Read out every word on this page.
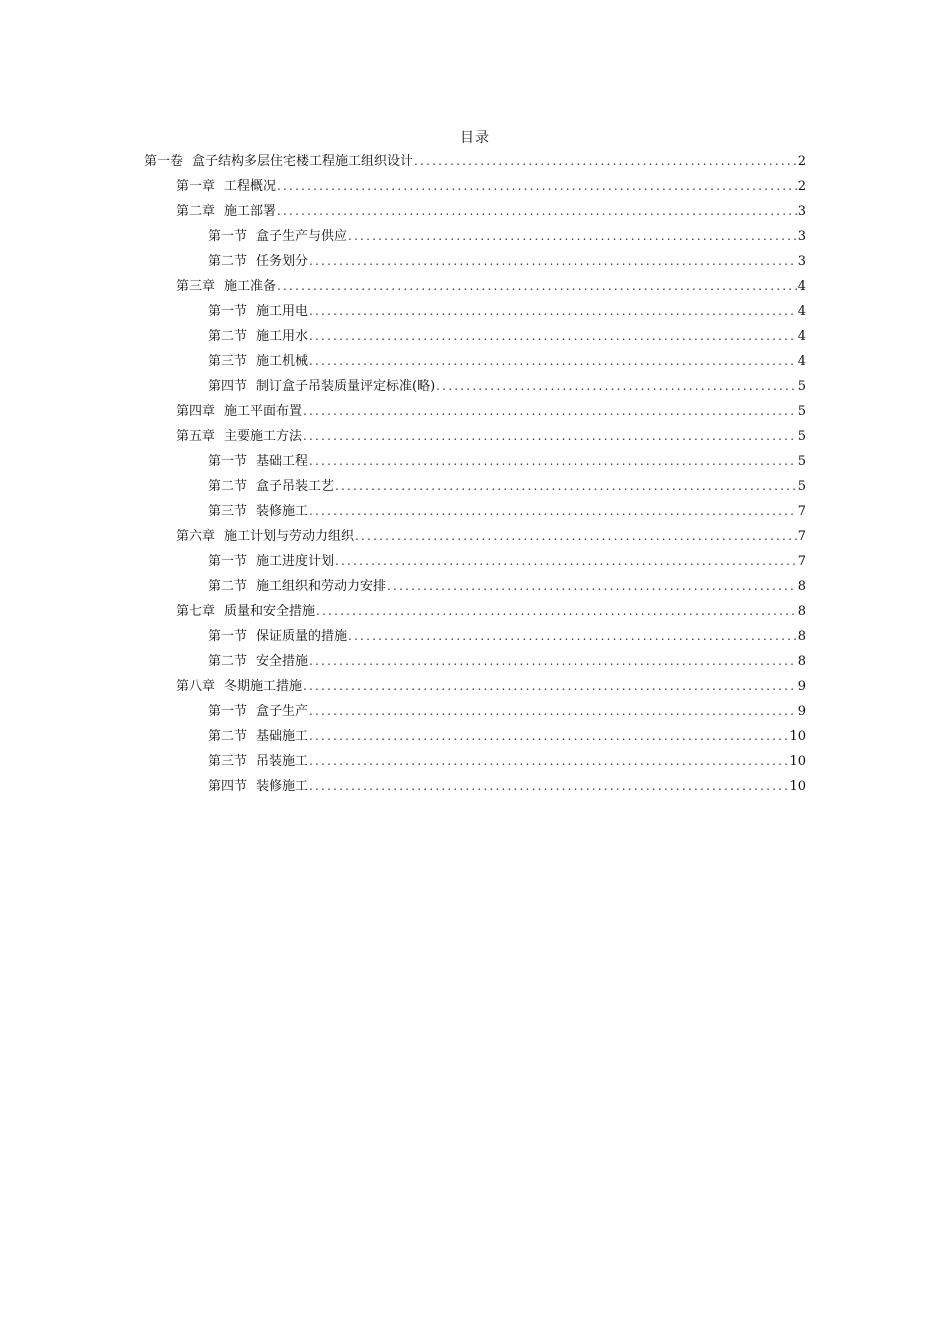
目录
第一卷 盒子结构多层住宅楼工程施工组织设计 .....	2
第一章 工程概况 .....	2
第二章 施工部署 .....	3
第一节 盒子生产与供应 .....	3
第二节 任务划分 .....	3
第三章 施工准备 .....	4
第一节 施工用电 .....	4
第二节 施工用水 .....	4
第三节 施工机械 .....	4
第四节 制订盒子吊装质量评定标准(略) .....	5
第四章 施工平面布置 .....	5
第五章 主要施工方法 .....	5
第一节 基础工程 .....	5
第二节 盒子吊装工艺 .....	5
第三节 装修施工 .....	7
第六章 施工计划与劳动力组织 .....	7
第一节 施工进度计划 .....	7
第二节 施工组织和劳动力安排 .....	8
第七章 质量和安全措施 .....	8
第一节 保证质量的措施 .....	8
第二节 安全措施 .....	8
第八章 冬期施工措施 .....	9
第一节 盒子生产 .....	9
第二节 基础施工 .....	10
第三节 吊装施工 .....	10
第四节 装修施工 .....	10
